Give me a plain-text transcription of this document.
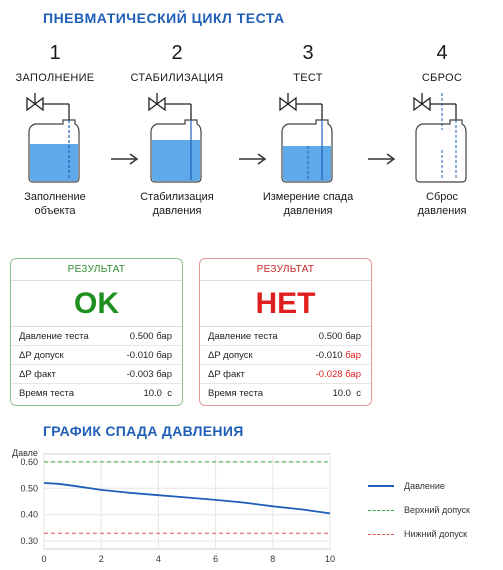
ПНЕВМАТИЧЕСКИЙ ЦИКЛ ТЕСТА
1
ЗАПОЛНЕНИЕ
Заполнение
объекта
2
СТАБИЛИЗАЦИЯ
Стабилизация
давления
3
ТЕСТ
Измерение спада
давления
4
СБРОС
Сброс
давления
РЕЗУЛЬТАТ
OK
Давление теста	0.500 бар
ΔP допуск	-0.010 бар
ΔP факт	-0.003 бар
Время теста	10.0 с
РЕЗУЛЬТАТ
НЕТ
Давление теста	0.500 бар
ΔP допуск	-0.010 бар
ΔP факт	-0.028 бар
Время теста	10.0 с
ГРАФИК СПАДА ДАВЛЕНИЯ
0	2	4	6	8	10
0.30
0.40
0.50
0.60
Давле
Давление
Верхний допуск
Нижний допуск
